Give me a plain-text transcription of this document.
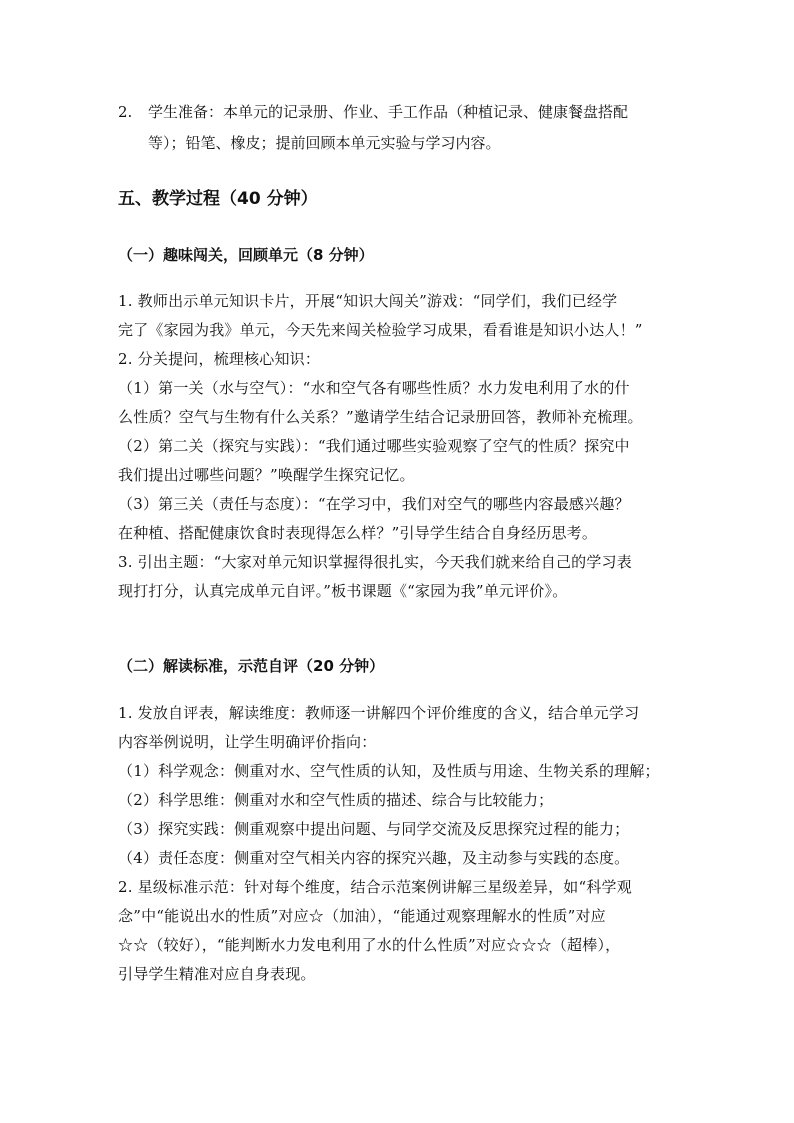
2. 学生准备：本单元的记录册、作业、手工作品（种植记录、健康餐盘搭配
等）；铅笔、橡皮；提前回顾本单元实验与学习内容。
五、教学过程（40 分钟）
（一）趣味闯关，回顾单元（8 分钟）

1. 教师出示单元知识卡片，开展“知识大闯关”游戏：“同学们，我们已经学

完了《家园为我》单元，今天先来闯关检验学习成果，看看谁是知识小达人！”

2. 分关提问，梳理核心知识：

（1）第一关（水与空气）：“水和空气各有哪些性质？水力发电利用了水的什

么性质？空气与生物有什么关系？”邀请学生结合记录册回答，教师补充梳理。

（2）第二关（探究与实践）：“我们通过哪些实验观察了空气的性质？探究中

我们提出过哪些问题？”唤醒学生探究记忆。

（3）第三关（责任与态度）：“在学习中，我们对空气的哪些内容最感兴趣？

在种植、搭配健康饮食时表现得怎么样？”引导学生结合自身经历思考。

3. 引出主题：“大家对单元知识掌握得很扎实，今天我们就来给自己的学习表

现打打分，认真完成单元自评。”板书课题《“家园为我”单元评价》。

（二）解读标准，示范自评（20 分钟）

1. 发放自评表，解读维度：教师逐一讲解四个评价维度的含义，结合单元学习

内容举例说明，让学生明确评价指向：

（1）科学观念：侧重对水、空气性质的认知，及性质与用途、生物关系的理解；

（2）科学思维：侧重对水和空气性质的描述、综合与比较能力；

（3）探究实践：侧重观察中提出问题、与同学交流及反思探究过程的能力；

（4）责任态度：侧重对空气相关内容的探究兴趣，及主动参与实践的态度。

2. 星级标准示范：针对每个维度，结合示范案例讲解三星级差异，如“科学观

念”中“能说出水的性质”对应☆（加油），“能通过观察理解水的性质”对应

☆☆（较好），“能判断水力发电利用了水的什么性质”对应☆☆☆（超棒），

引导学生精准对应自身表现。
